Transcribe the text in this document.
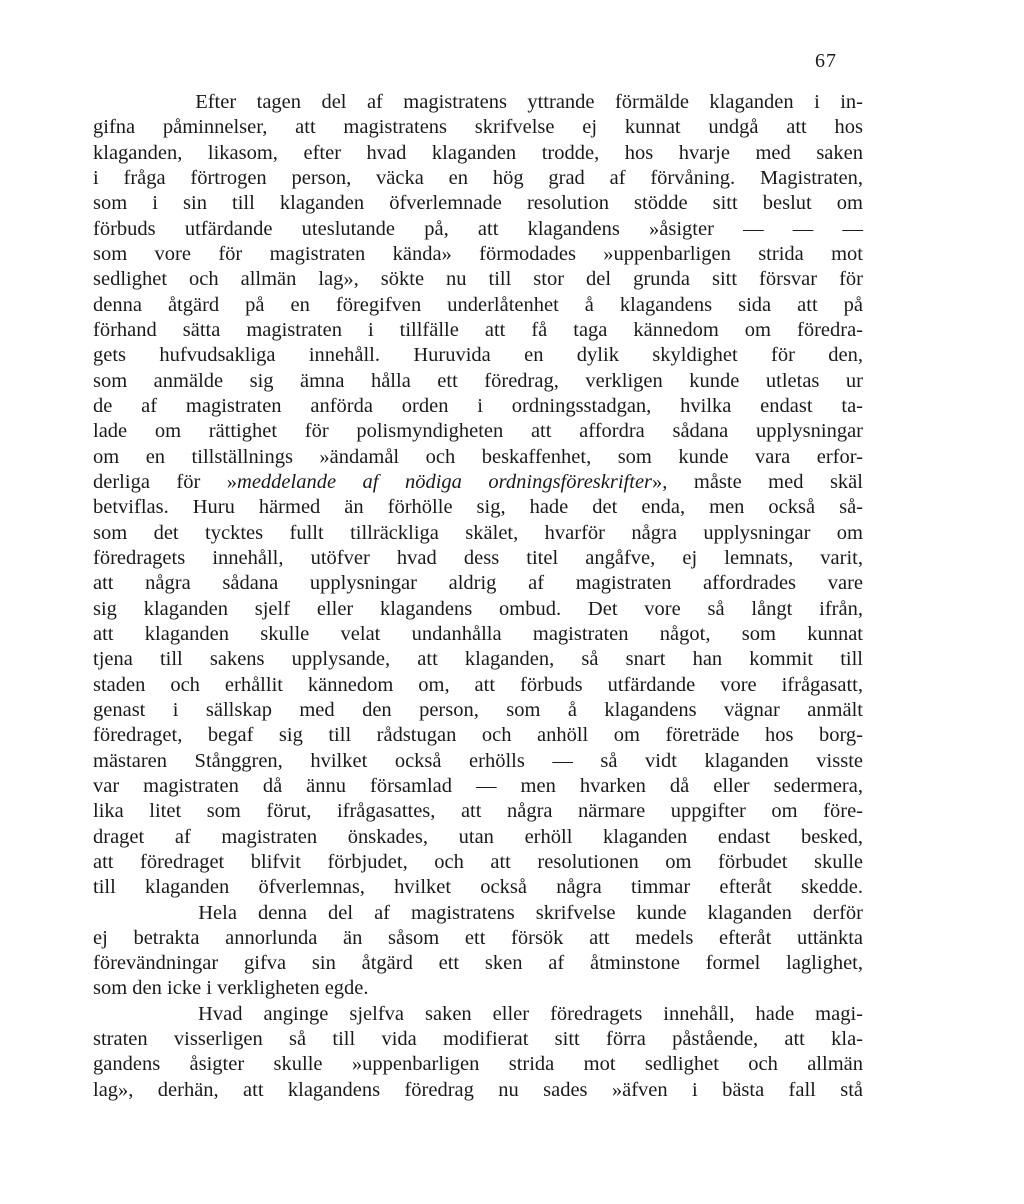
67
Efter tagen del af magistratens yttrande förmälde klaganden i in-
gifna påminnelser, att magistratens skrifvelse ej kunnat undgå att hos
klaganden, likasom, efter hvad klaganden trodde, hos hvarje med saken
i fråga förtrogen person, väcka en hög grad af förvåning. Magistraten,
som i sin till klaganden öfverlemnade resolution stödde sitt beslut om
förbuds utfärdande uteslutande på, att klagandens »åsigter — — —
som vore för magistraten kända» förmodades »uppenbarligen strida mot
sedlighet och allmän lag», sökte nu till stor del grunda sitt försvar för
denna åtgärd på en föregifven underlåtenhet å klagandens sida att på
förhand sätta magistraten i tillfälle att få taga kännedom om föredra-
gets hufvudsakliga innehåll. Huruvida en dylik skyldighet för den,
som anmälde sig ämna hålla ett föredrag, verkligen kunde utletas ur
de af magistraten anförda orden i ordningsstadgan, hvilka endast ta-
lade om rättighet för polismyndigheten att affordra sådana upplysningar
om en tillställnings »ändamål och beskaffenhet, som kunde vara erfor-
derliga för »meddelande af nödiga ordningsföreskrifter», måste med skäl
betviflas. Huru härmed än förhölle sig, hade det enda, men också så-
som det tycktes fullt tillräckliga skälet, hvarför några upplysningar om
föredragets innehåll, utöfver hvad dess titel angåfve, ej lemnats, varit,
att några sådana upplysningar aldrig af magistraten affordrades vare
sig klaganden sjelf eller klagandens ombud. Det vore så långt ifrån,
att klaganden skulle velat undanhålla magistraten något, som kunnat
tjena till sakens upplysande, att klaganden, så snart han kommit till
staden och erhållit kännedom om, att förbuds utfärdande vore ifrågasatt,
genast i sällskap med den person, som å klagandens vägnar anmält
föredraget, begaf sig till rådstugan och anhöll om företräde hos borg-
mästaren Stånggren, hvilket också erhölls — så vidt klaganden visste
var magistraten då ännu församlad — men hvarken då eller sedermera,
lika litet som förut, ifrågasattes, att några närmare uppgifter om före-
draget af magistraten önskades, utan erhöll klaganden endast besked,
att föredraget blifvit förbjudet, och att resolutionen om förbudet skulle
till klaganden öfverlemnas, hvilket också några timmar efteråt skedde.
Hela denna del af magistratens skrifvelse kunde klaganden derför
ej betrakta annorlunda än såsom ett försök att medels efteråt uttänkta
förevändningar gifva sin åtgärd ett sken af åtminstone formel laglighet,
som den icke i verkligheten egde.
Hvad anginge sjelfva saken eller föredragets innehåll, hade magi-
straten visserligen så till vida modifierat sitt förra påstående, att kla-
gandens åsigter skulle »uppenbarligen strida mot sedlighet och allmän
lag», derhän, att klagandens föredrag nu sades »äfven i bästa fall stå
